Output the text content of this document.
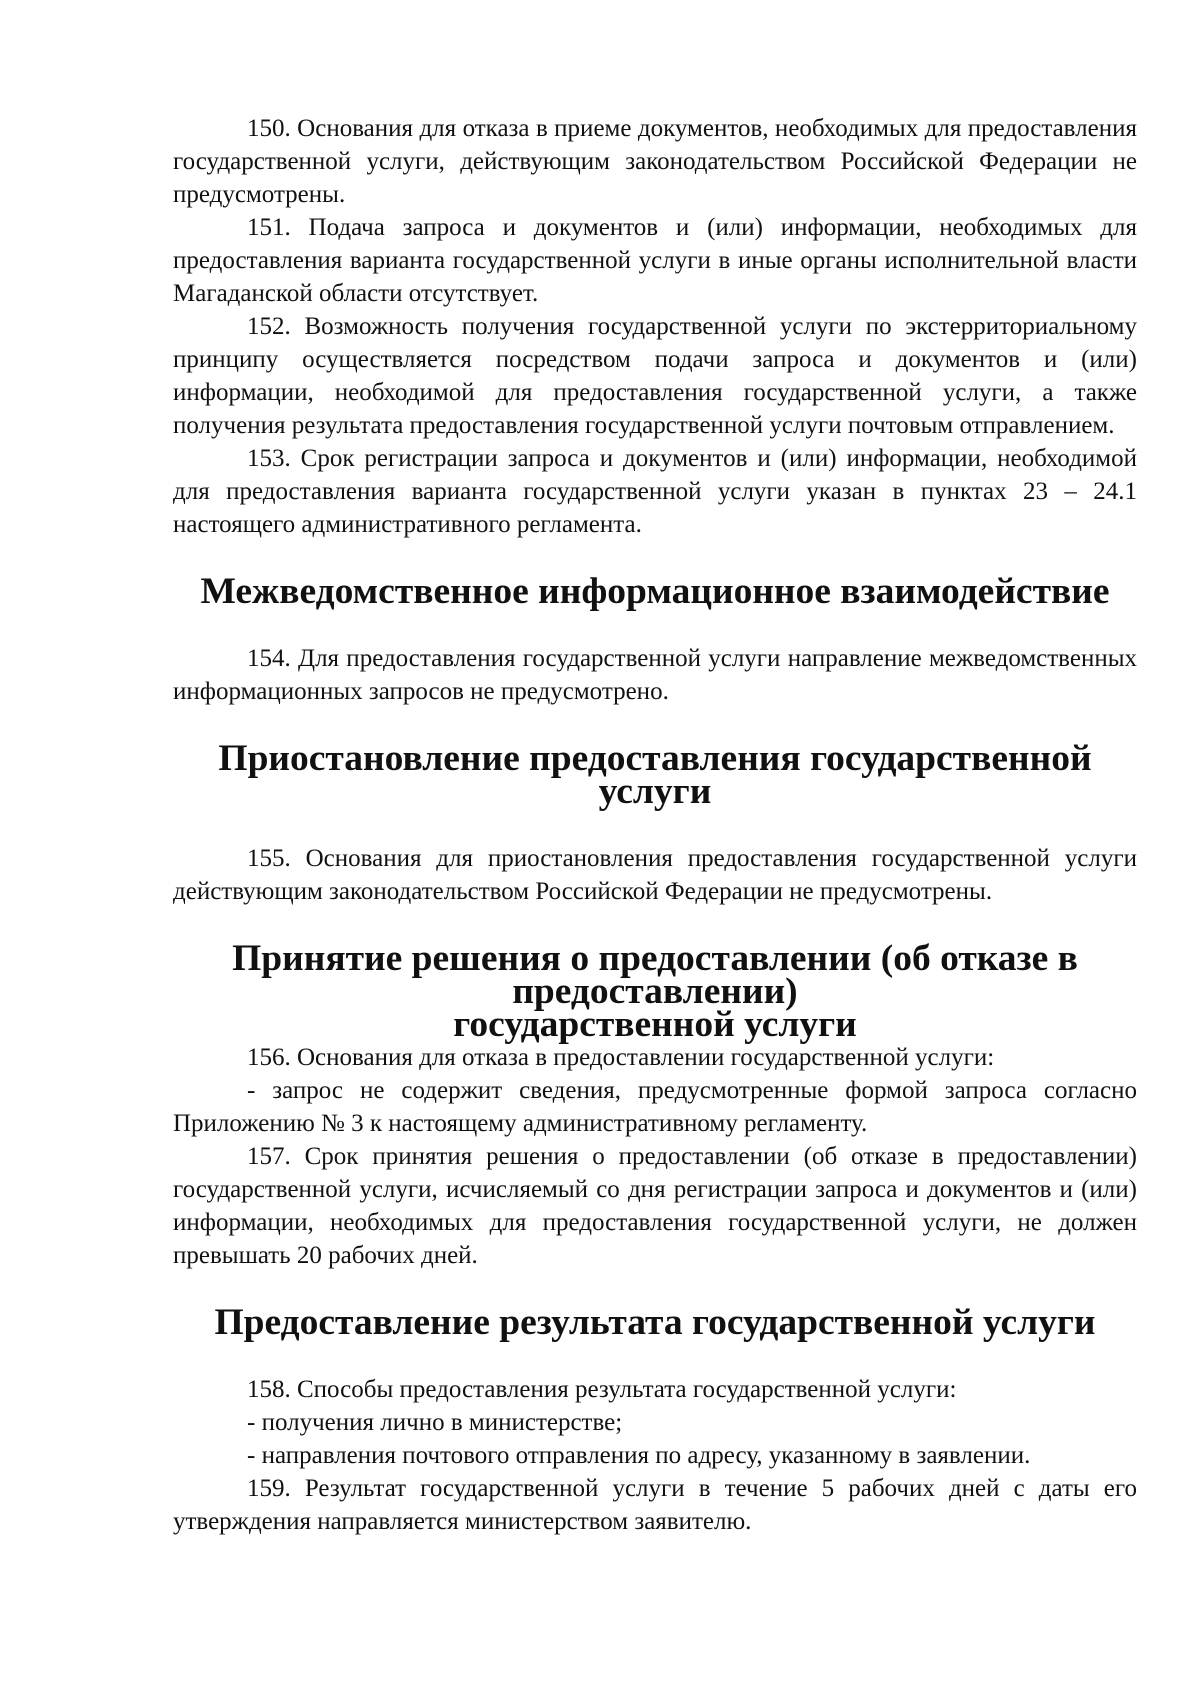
150. Основания для отказа в приеме документов, необходимых для предоставления государственной услуги, действующим законодательством Российской Федерации не предусмотрены.

151. Подача запроса и документов и (или) информации, необходимых для предоставления варианта государственной услуги в иные органы исполнительной власти Магаданской области отсутствует.

152. Возможность получения государственной услуги по экстерриториальному принципу осуществляется посредством подачи запроса и документов и (или) информации, необходимой для предоставления государственной услуги, а также получения результата предоставления государственной услуги почтовым отправлением.

153. Срок регистрации запроса и документов и (или) информации, необходимой для предоставления варианта государственной услуги указан в пунктах 23 – 24.1 настоящего административного регламента.

Межведомственное информационное взаимодействие

154. Для предоставления государственной услуги направление межведомственных информационных запросов не предусмотрено.

Приостановление предоставления государственной услуги

155. Основания для приостановления предоставления государственной услуги действующим законодательством Российской Федерации не предусмотрены.

Принятие решения о предоставлении (об отказе в предоставлении)
государственной услуги

156. Основания для отказа в предоставлении государственной услуги:

- запрос не содержит сведения, предусмотренные формой запроса согласно Приложению № 3 к настоящему административному регламенту.

157. Срок принятия решения о предоставлении (об отказе в предоставлении) государственной услуги, исчисляемый со дня регистрации запроса и документов и (или) информации, необходимых для предоставления государственной услуги, не должен превышать 20 рабочих дней.

Предоставление результата государственной услуги

158. Способы предоставления результата государственной услуги:

- получения лично в министерстве;

- направления почтового отправления по адресу, указанному в заявлении.

159. Результат государственной услуги в течение 5 рабочих дней с даты его утверждения направляется министерством заявителю.
